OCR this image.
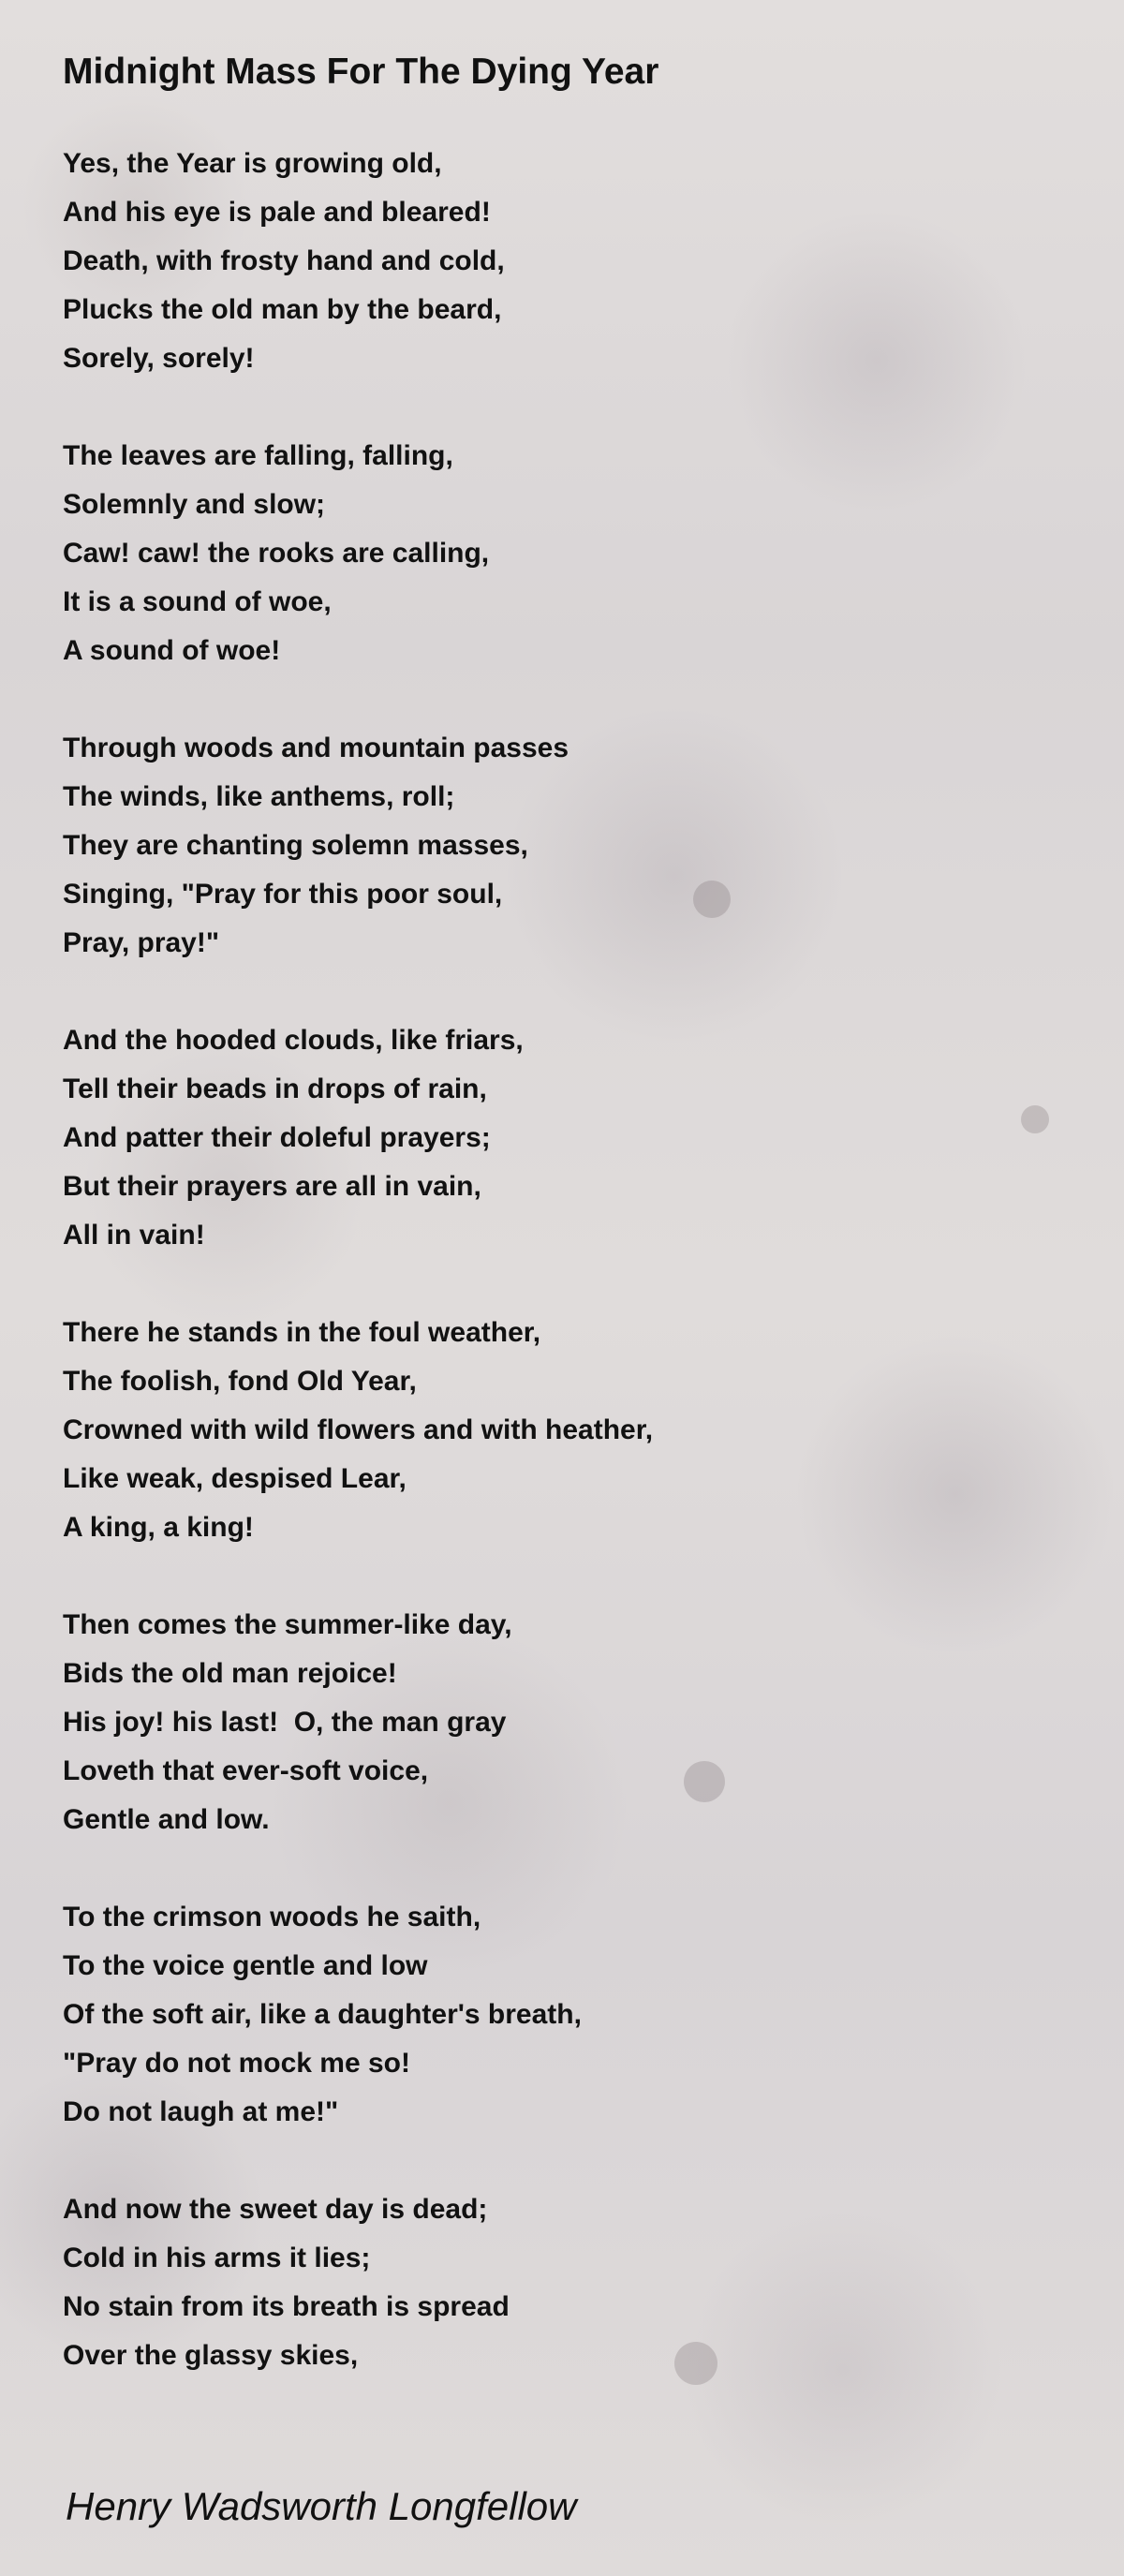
Midnight Mass For The Dying Year
Yes, the Year is growing old,
And his eye is pale and bleared!
Death, with frosty hand and cold,
Plucks the old man by the beard,
Sorely, sorely!
The leaves are falling, falling,
Solemnly and slow;
Caw! caw! the rooks are calling,
It is a sound of woe,
A sound of woe!
Through woods and mountain passes
The winds, like anthems, roll;
They are chanting solemn masses,
Singing, "Pray for this poor soul,
Pray, pray!"
And the hooded clouds, like friars,
Tell their beads in drops of rain,
And patter their doleful prayers;
But their prayers are all in vain,
All in vain!
There he stands in the foul weather,
The foolish, fond Old Year,
Crowned with wild flowers and with heather,
Like weak, despised Lear,
A king, a king!
Then comes the summer-like day,
Bids the old man rejoice!
His joy! his last!  O, the man gray
Loveth that ever-soft voice,
Gentle and low.
To the crimson woods he saith,
To the voice gentle and low
Of the soft air, like a daughter's breath,
"Pray do not mock me so!
Do not laugh at me!"
And now the sweet day is dead;
Cold in his arms it lies;
No stain from its breath is spread
Over the glassy skies,

Henry Wadsworth Longfellow
